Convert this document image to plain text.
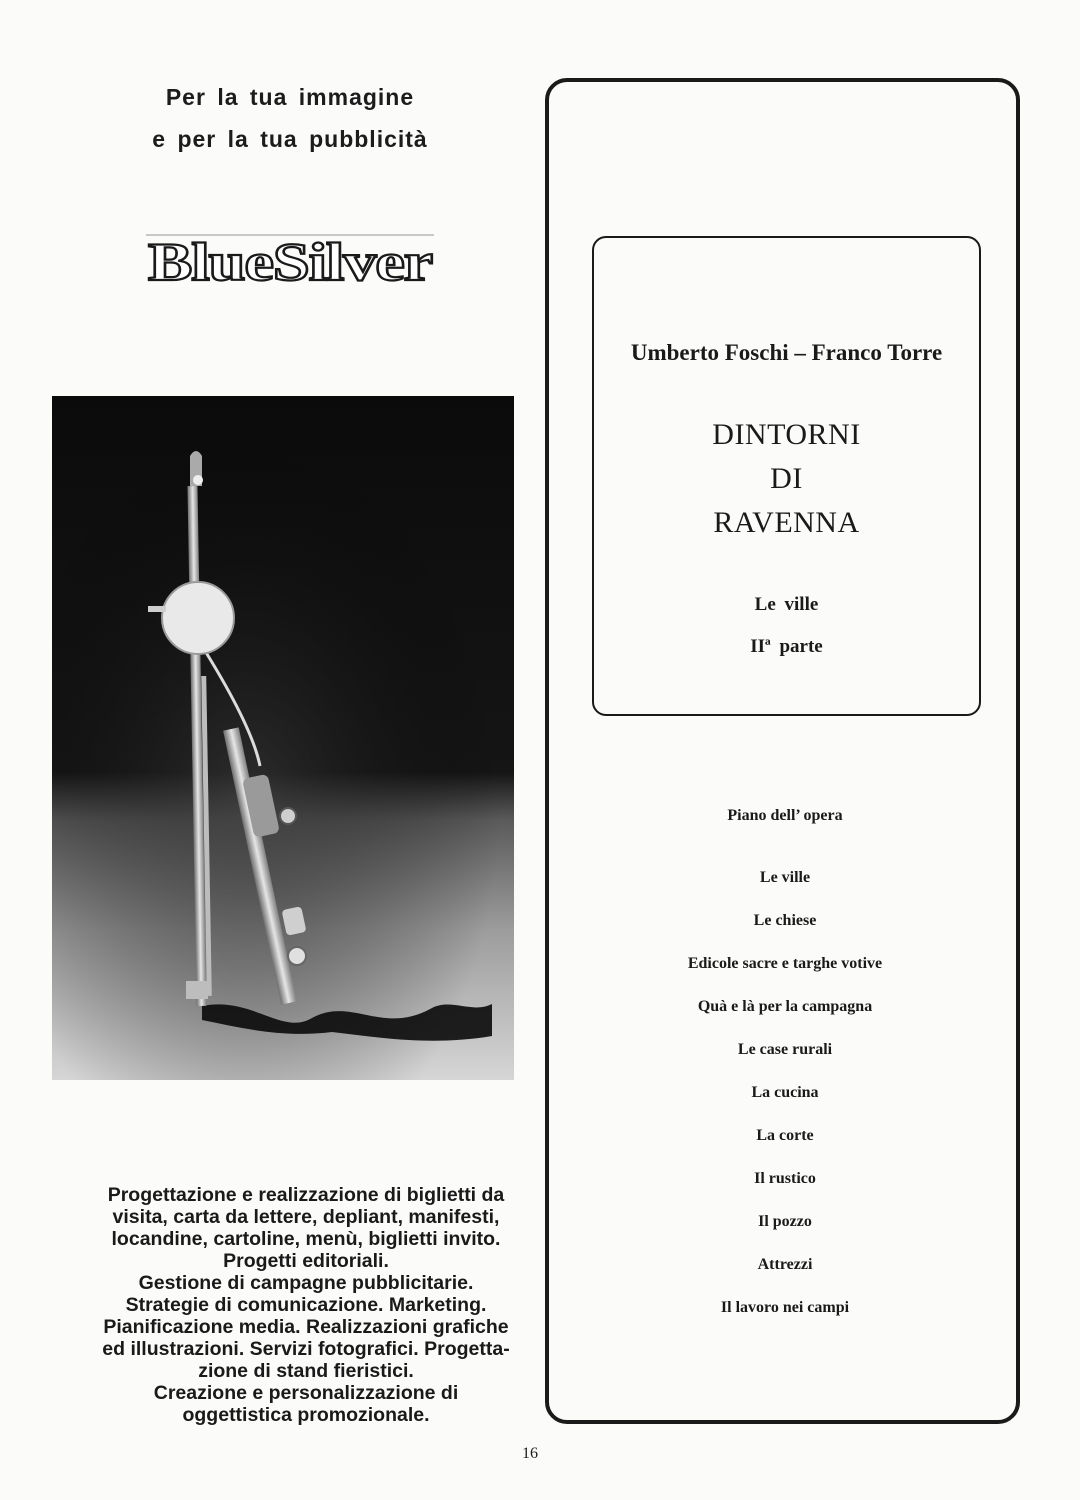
Per la tua immagine
e per la tua pubblicità
BlueSilver
Progettazione e realizzazione di biglietti da
visita, carta da lettere, depliant, manifesti,
locandine, cartoline, menù, biglietti invito.
Progetti editoriali.
Gestione di campagne pubblicitarie.
Strategie di comunicazione. Marketing.
Pianificazione media. Realizzazioni grafiche
ed illustrazioni. Servizi fotografici. Progetta-
zione di stand fieristici.
Creazione e personalizzazione di
oggettistica promozionale.
Umberto Foschi – Franco Torre
DINTORNI
DI
RAVENNA
Le ville
IIª parte
Piano dell’ opera
Le ville
Le chiese
Edicole sacre e targhe votive
Quà e là per la campagna
Le case rurali
La cucina
La corte
Il rustico
Il pozzo
Attrezzi
Il lavoro nei campi
16
